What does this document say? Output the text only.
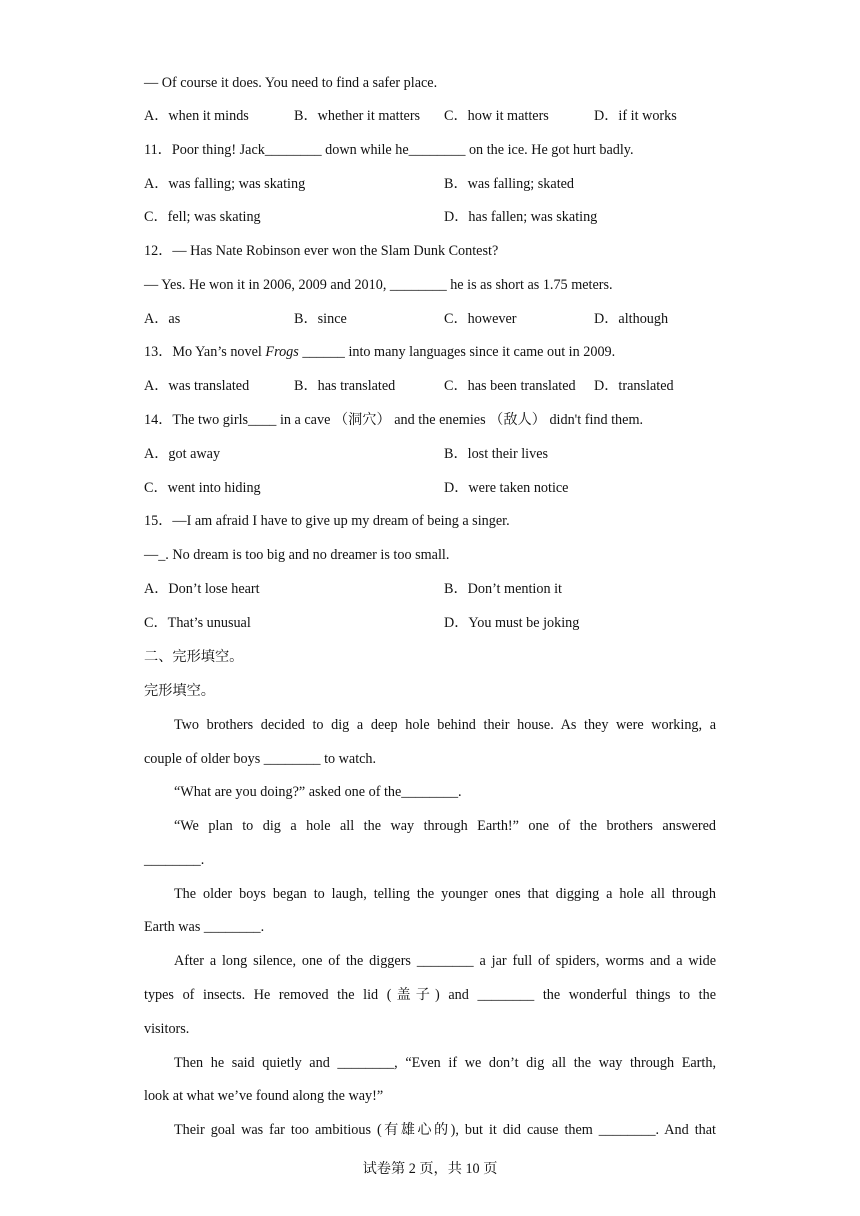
— Of course it does. You need to find a safer place.
A．when it minds	B．whether it matters C．how it matters	D．if it works
11．Poor thing! Jack________ down while he________ on the ice. He got hurt badly.
A．was falling; was skating	B．was falling; skated
C．fell; was skating	D．has fallen; was skating
12．— Has Nate Robinson ever won the Slam Dunk Contest?
— Yes. He won it in 2006, 2009 and 2010, ________ he is as short as 1.75 meters.
A．as	B．since	C．however	D．although
13．Mo Yan’s novel Frogs ______ into many languages since it came out in 2009.
A．was translated	B．has translated	C．has been translated D．translated
14．The two girls____ in a cave （洞穴） and the enemies （敌人） didn't find them.
A．got away	B．lost their lives
C．went into hiding	D．were taken notice
15．—I am afraid I have to give up my dream of being a singer.
—_. No dream is too big and no dreamer is too small.
A．Don’t lose heart	B．Don’t mention it
C．That’s unusual	D．You must be joking
二、完形填空。
完形填空。
Two brothers decided to dig a deep hole behind their house. As they were working, a
couple of older boys ________ to watch.
“What are you doing?” asked one of the________.
“We plan to dig a hole all the way through Earth!” one of the brothers answered
________.
The older boys began to laugh, telling the younger ones that digging a hole all through
Earth was ________.
After a long silence, one of the diggers ________ a jar full of spiders, worms and a wide
types of insects. He removed the lid (盖子) and ________ the wonderful things to the
visitors.
Then he said quietly and ________, “Even if we don’t dig all the way through Earth,
look at what we’ve found along the way!”
Their goal was far too ambitious (有雄心的), but it did cause them ________. And that
试卷第 2 页，共 10 页
